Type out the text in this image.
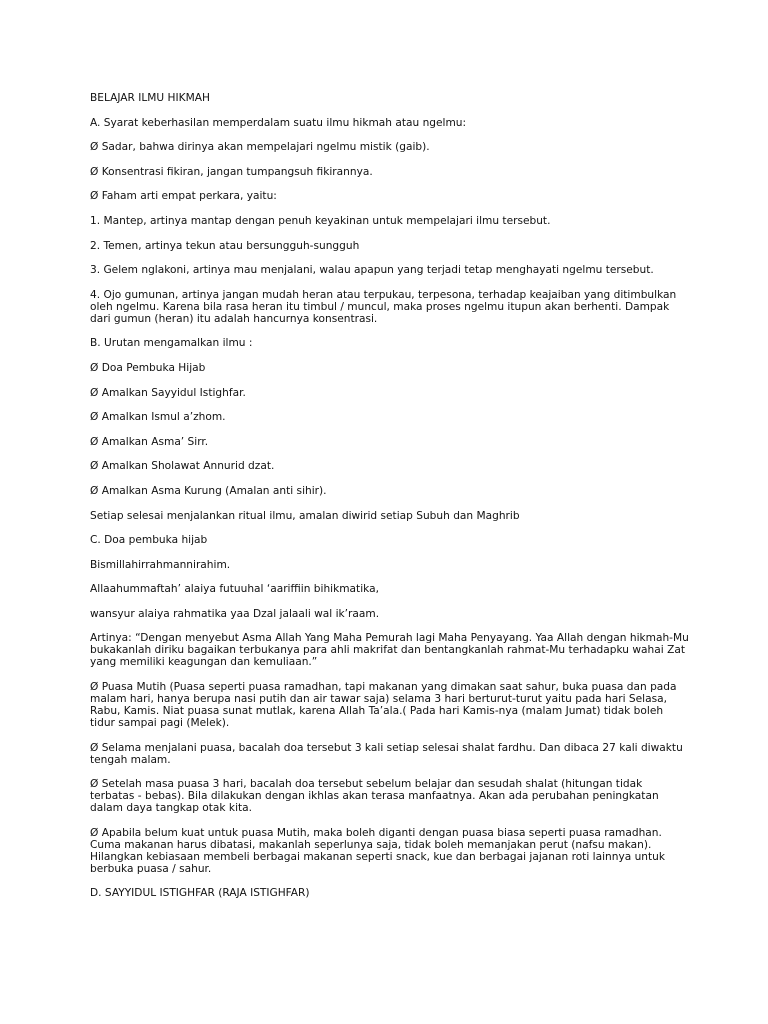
BELAJAR ILMU HIKMAH

A. Syarat keberhasilan memperdalam suatu ilmu hikmah atau ngelmu:

Ø Sadar, bahwa dirinya akan mempelajari ngelmu mistik (gaib).

Ø Konsentrasi fikiran, jangan tumpangsuh fikirannya.

Ø Faham arti empat perkara, yaitu:

1. Mantep, artinya mantap dengan penuh keyakinan untuk mempelajari ilmu tersebut.

2. Temen, artinya tekun atau bersungguh-sungguh

3. Gelem nglakoni, artinya mau menjalani, walau apapun yang terjadi tetap menghayati ngelmu tersebut.

4. Ojo gumunan, artinya jangan mudah heran atau terpukau, terpesona, terhadap keajaiban yang ditimbulkan oleh ngelmu. Karena bila rasa heran itu timbul / muncul, maka proses ngelmu itupun akan berhenti. Dampak dari gumun (heran) itu adalah hancurnya konsentrasi.

B. Urutan mengamalkan ilmu :

Ø Doa Pembuka Hijab

Ø Amalkan Sayyidul Istighfar.

Ø Amalkan Ismul a’zhom.

Ø Amalkan Asma’ Sirr.

Ø Amalkan Sholawat Annurid dzat.

Ø Amalkan Asma Kurung (Amalan anti sihir).

Setiap selesai menjalankan ritual ilmu, amalan diwirid setiap Subuh dan Maghrib

C. Doa pembuka hijab

Bismillahirrahmannirahim.

Allaahummaftah’ alaiya futuuhal ‘aariffiin bihikmatika,

wansyur alaiya rahmatika yaa Dzal jalaali wal ik’raam.

Artinya: “Dengan menyebut Asma Allah Yang Maha Pemurah lagi Maha Penyayang. Yaa Allah dengan hikmah-Mu bukakanlah diriku bagaikan terbukanya para ahli makrifat dan bentangkanlah rahmat-Mu terhadapku wahai Zat yang memiliki keagungan dan kemuliaan.”

Ø Puasa Mutih (Puasa seperti puasa ramadhan, tapi makanan yang dimakan saat sahur, buka puasa dan pada malam hari, hanya berupa nasi putih dan air tawar saja) selama 3 hari berturut-turut yaitu pada hari Selasa, Rabu, Kamis. Niat puasa sunat mutlak, karena Allah Ta’ala.( Pada hari Kamis-nya (malam Jumat) tidak boleh tidur sampai pagi (Melek).

Ø Selama menjalani puasa, bacalah doa tersebut 3 kali setiap selesai shalat fardhu. Dan dibaca 27 kali diwaktu tengah malam.

Ø Setelah masa puasa 3 hari, bacalah doa tersebut sebelum belajar dan sesudah shalat (hitungan tidak terbatas - bebas). Bila dilakukan dengan ikhlas akan terasa manfaatnya. Akan ada perubahan peningkatan dalam daya tangkap otak kita.

Ø Apabila belum kuat untuk puasa Mutih, maka boleh diganti dengan puasa biasa seperti puasa ramadhan. Cuma makanan harus dibatasi, makanlah seperlunya saja, tidak boleh memanjakan perut (nafsu makan). Hilangkan kebiasaan membeli berbagai makanan seperti snack, kue dan berbagai jajanan roti lainnya untuk berbuka puasa / sahur.

D. SAYYIDUL ISTIGHFAR (RAJA ISTIGHFAR)
